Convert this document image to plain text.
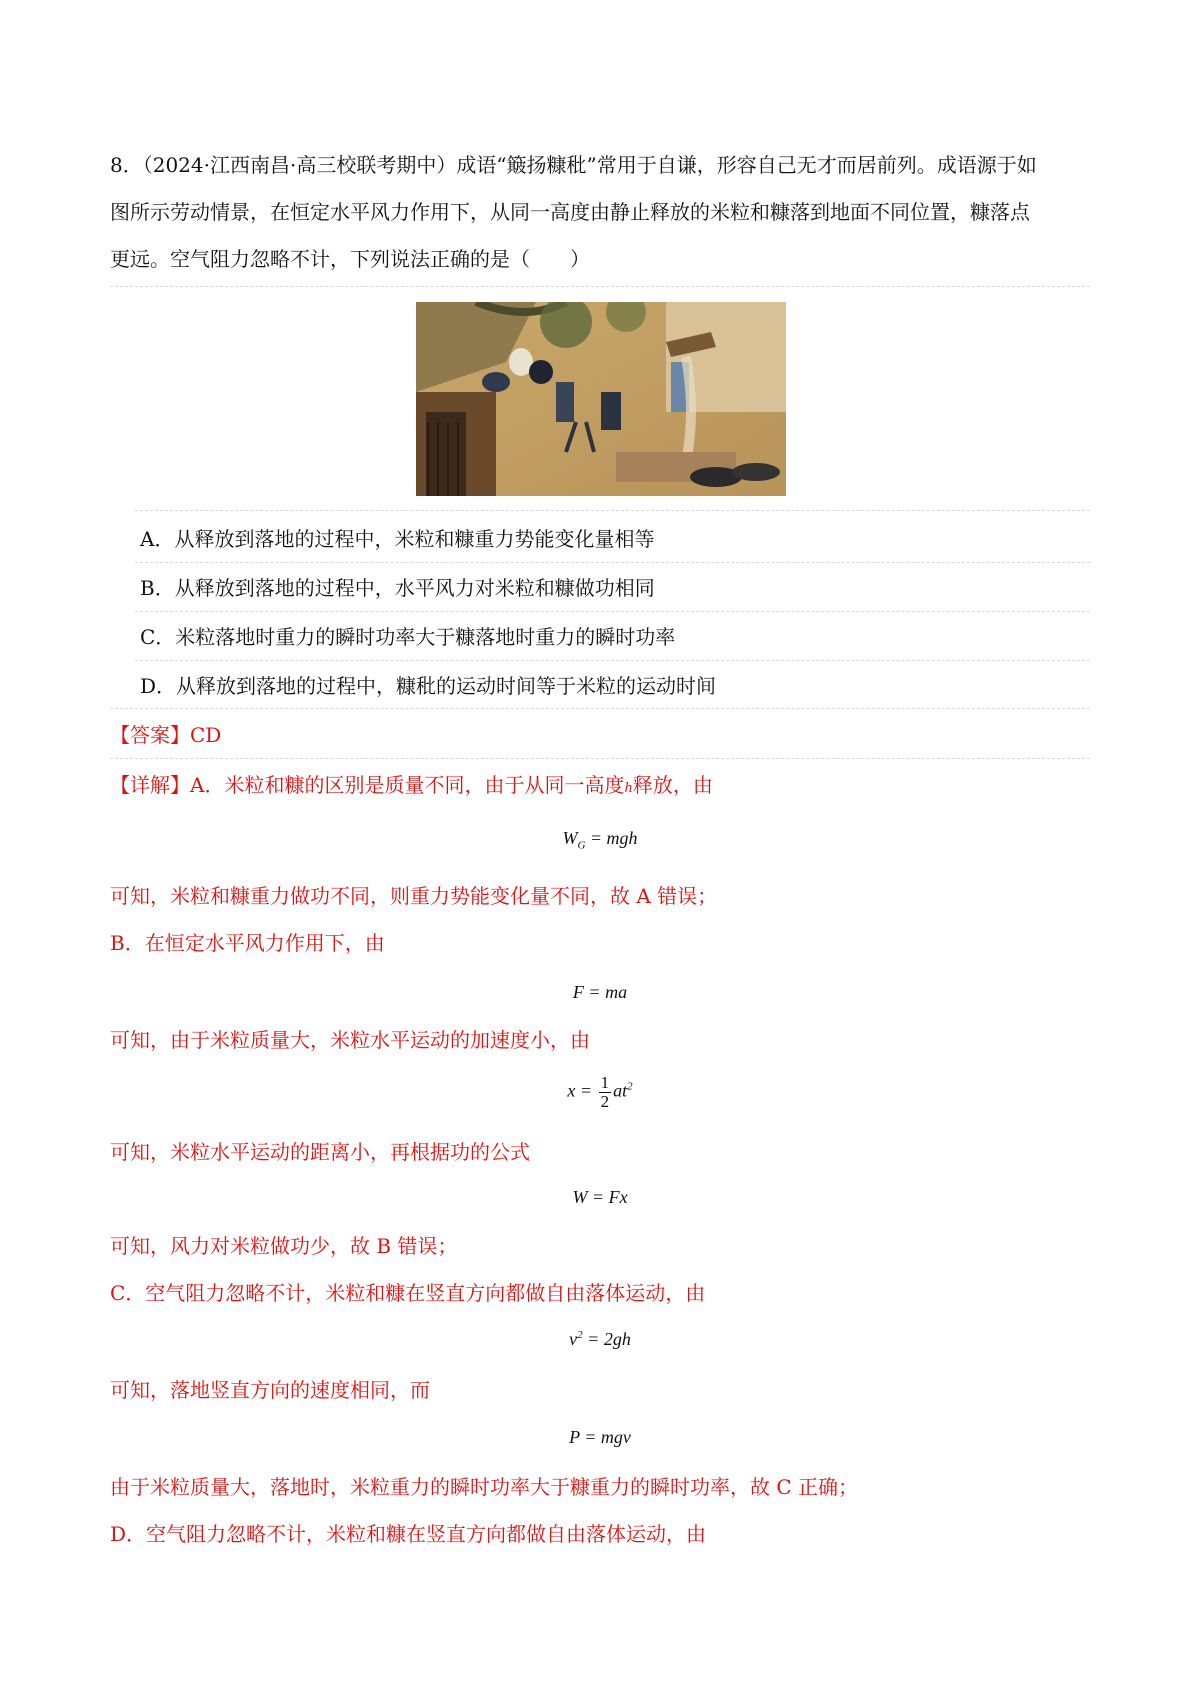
8．（2024·江西南昌·高三校联考期中）成语“簸扬糠秕”常用于自谦，形容自己无才而居前列。成语源于如
图所示劳动情景，在恒定水平风力作用下，从同一高度由静止释放的米粒和糠落到地面不同位置，糠落点
更远。空气阻力忽略不计，下列说法正确的是（　　）
A．从释放到落地的过程中，米粒和糠重力势能变化量相等
B．从释放到落地的过程中，水平风力对米粒和糠做功相同
C．米粒落地时重力的瞬时功率大于糠落地时重力的瞬时功率
D．从释放到落地的过程中，糠秕的运动时间等于米粒的运动时间
【答案】CD
【详解】A．米粒和糠的区别是质量不同，由于从同一高度h释放，由
$W_G$ = mgh
可知，米粒和糠重力做功不同，则重力势能变化量不同，故 A 错误；
B．在恒定水平风力作用下，由
F = ma
可知，由于米粒质量大，米粒水平运动的加速度小，由
$x = \frac{1}{2} at^2$
可知，米粒水平运动的距离小，再根据功的公式
W = Fx
可知，风力对米粒做功少，故 B 错误；
C．空气阻力忽略不计，米粒和糠在竖直方向都做自由落体运动，由
$v^2 = 2gh$
可知，落地竖直方向的速度相同，而
P = mgv
由于米粒质量大，落地时，米粒重力的瞬时功率大于糠重力的瞬时功率，故 C 正确；
D．空气阻力忽略不计，米粒和糠在竖直方向都做自由落体运动，由
